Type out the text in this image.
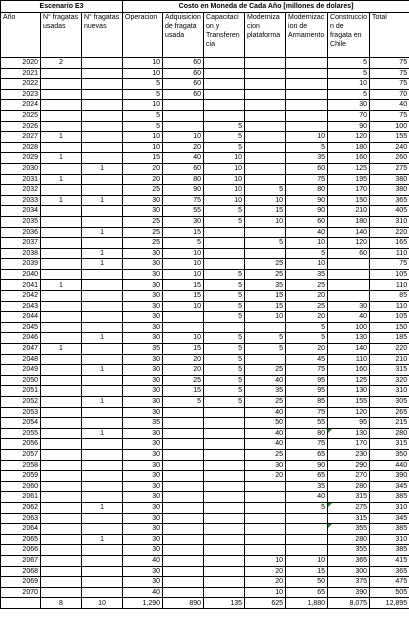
Escenario E3			Costo en Moneda de Cada Año [millones de dolares]						
Año	N° fragatas usadas	N° fragatas nuevas	Operacion	Adquisicion de fragata usada	Capacitacion y Transferencia	Modernizacion plataforma	Modernizacion de Armamento	Construccion de fragata en Chile	Total
2020	2		10	60				5	75
2021			10	60				5	75
2022			5	60				10	75
2023			5	60				5	70
2024			10					30	40
2025			5					70	75
2026			5		5			90	100
2027	1		10	10	5		10	120	155
2028			10	20	5		5	180	240
2029	1		15	40	10		35	160	260
2030		1	20	60	10		60	125	275
2031	1		20	80	10		75	195	380
2032			25	90	10	5	80	170	380
2033	1	1	30	75	10	10	90	150	365
2034			30	55	5	15	90	210	405
2035			25	30	5	10	60	180	310
2036		1	25	15			40	140	220
2037			25	5		5	10	120	165
2038		1	30	10			5	60	110
2039		1	30	10		25	10		75
2040			30	10	5	25	35		105
2041	1		30	15	5	35	25		110
2042			30	15	5	15	20		85
2043			30	10	5	15	25	30	110
2044			30		5	10	20	40	105
2045			30				5	100	150
2046		1	30	10	5	5	5	130	185
2047	1		35	15	5	5	20	140	220
2048			30	20	5		45	110	210
2049		1	30	20	5	25	75	160	315
2050			30	25	5	40	95	125	320
2051			30	15	5	35	95	130	310
2052		1	30	5	5	25	85	155	305
2053			30			40	75	120	265
2054			35			50	55	95	215
2055		1	30			40	80	130	280
2056			30			40	75	170	315
2057			30			25	65	230	350
2058			30			30	90	290	440
2059			30			20	65	270	390
2060			30				35	280	345
2061			30				40	315	385
2062		1	30				5	275	310
2063			30					315	345
2064			30					355	385
2065		1	30					280	310
2066			30					355	385
2067			40			10	10	365	415
2068			30			20	15	300	365
2069			30			20	50	375	475
2070			40			10	65	390	505
	8	10	1,290	890	135	625	1,880	8,075	12,895
